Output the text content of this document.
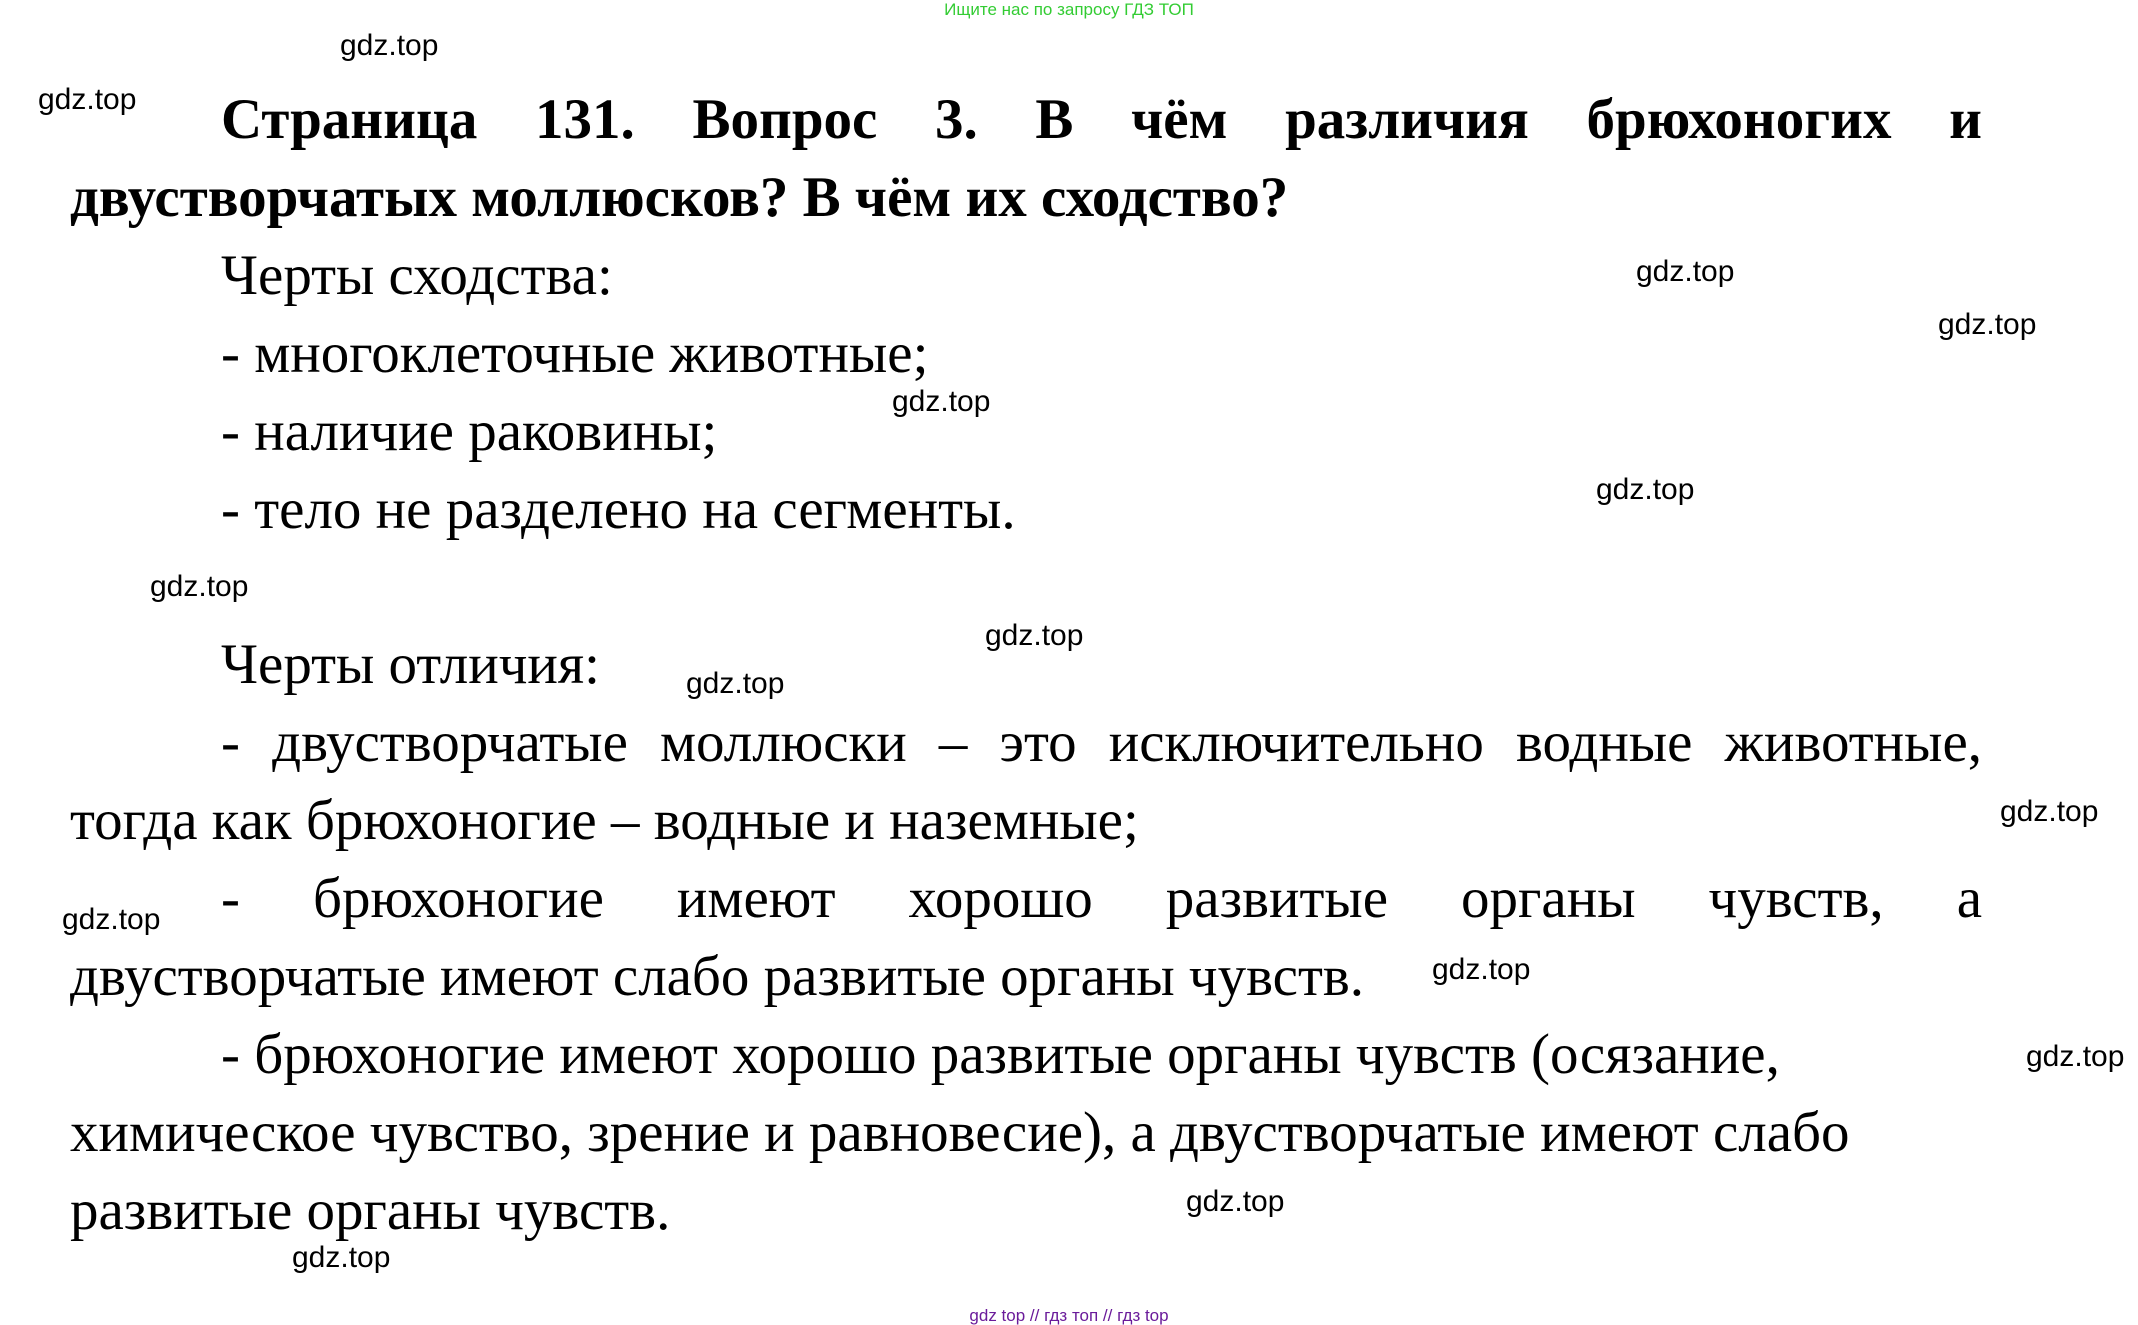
Ищите нас по запросу ГДЗ ТОП
Страница 131. Вопрос 3. В чём различия брюхоногих и
двустворчатых моллюсков? В чём их сходство?
Черты сходства:
- многоклеточные животные;
- наличие раковины;
- тело не разделено на сегменты.
Черты отличия:
- двустворчатые моллюски – это исключительно водные животные,
тогда как брюхоногие – водные и наземные;
- брюхоногие имеют хорошо развитые органы чувств, а
двустворчатые имеют слабо развитые органы чувств.
- брюхоногие имеют хорошо развитые органы чувств (осязание,
химическое чувство, зрение и равновесие), а двустворчатые имеют слабо
развитые органы чувств.
gdz.top
gdz.top
gdz.top
gdz.top
gdz.top
gdz.top
gdz.top
gdz.top
gdz.top
gdz.top
gdz.top
gdz.top
gdz.top
gdz.top
gdz.top
gdz top // гдз топ // гдз top
